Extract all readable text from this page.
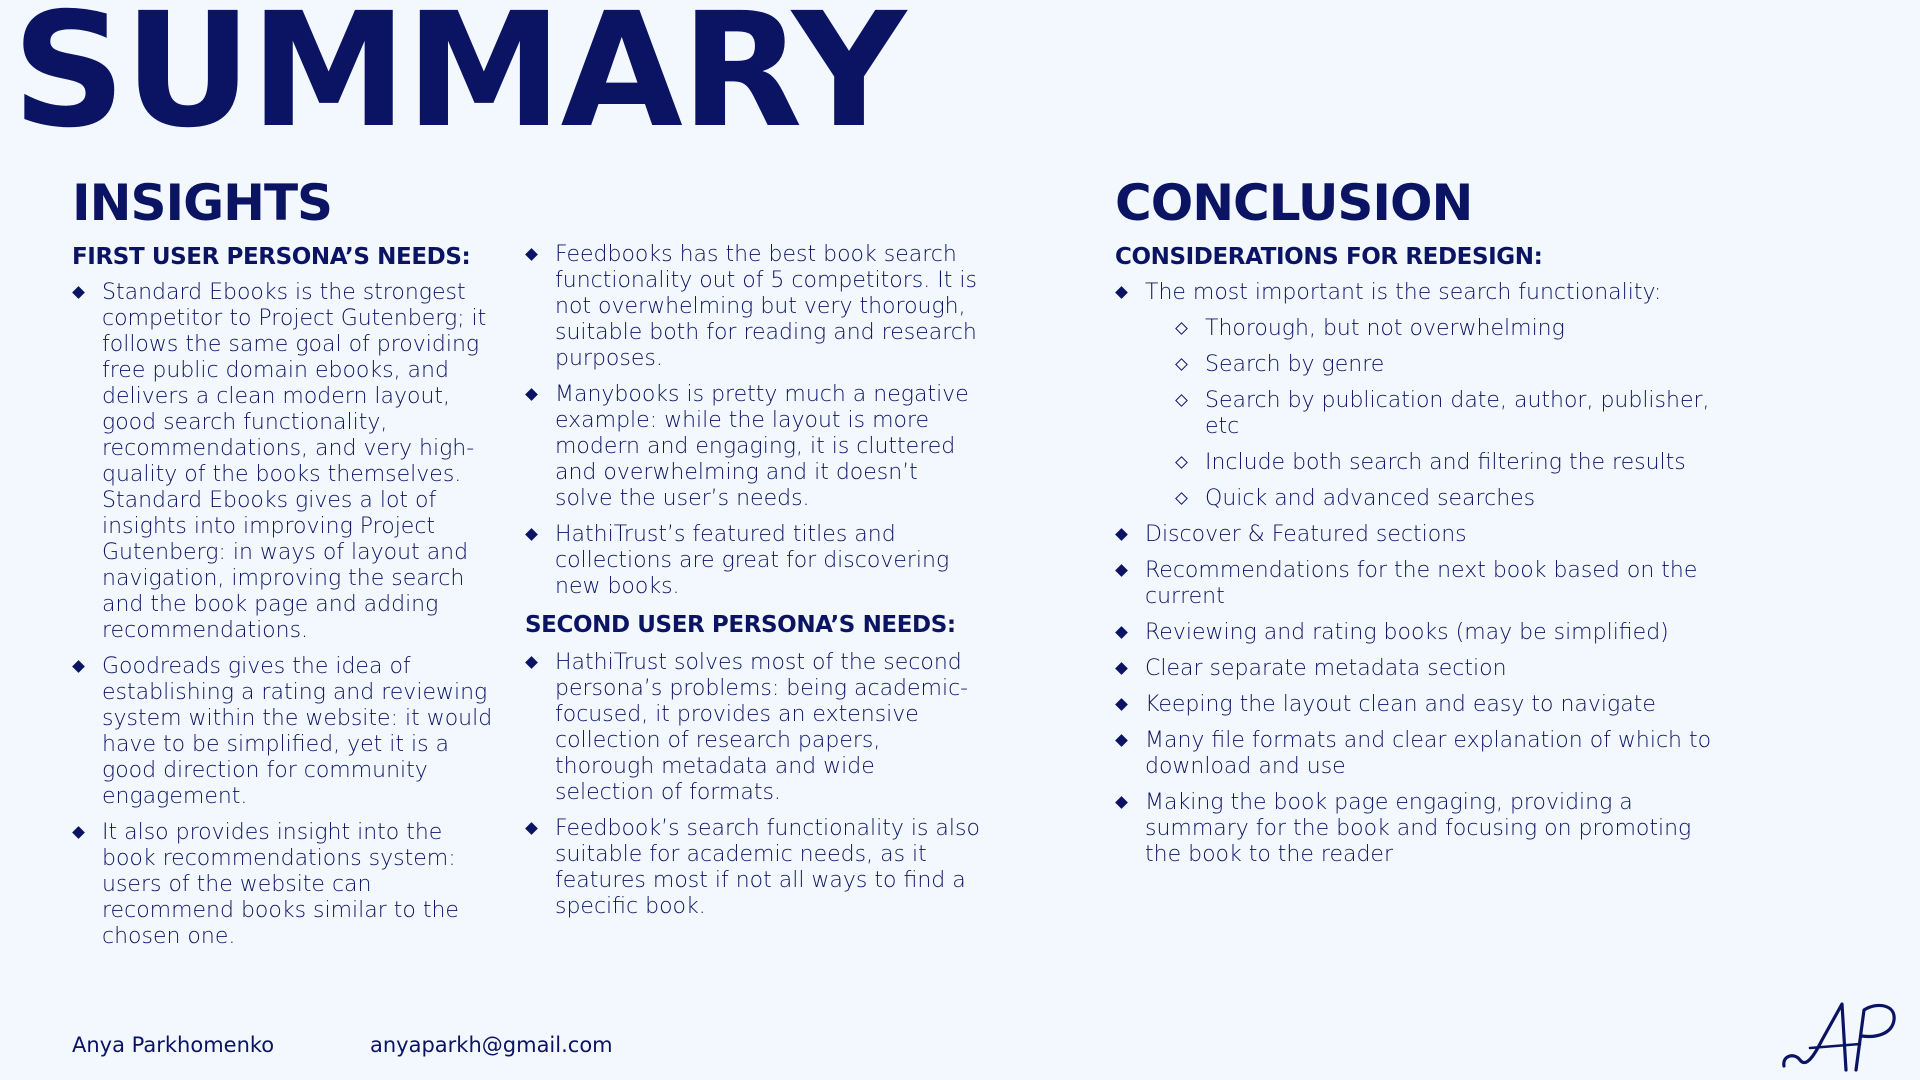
SUMMARY
INSIGHTS
FIRST USER PERSONA’S NEEDS:
Standard Ebooks is the strongest competitor to Project Gutenberg; it follows the same goal of providing free public domain ebooks, and delivers a clean modern layout, good search functionality, recommendations, and very high-quality of the books themselves. Standard Ebooks gives a lot of insights into improving Project Gutenberg: in ways of layout and navigation, improving the search and the book page and adding recommendations.
Goodreads gives the idea of establishing a rating and reviewing system within the website: it would have to be simplified, yet it is a good direction for community engagement.
It also provides insight into the book recommendations system: users of the website can recommend books similar to the chosen one.
Feedbooks has the best book search functionality out of 5 competitors. It is not overwhelming but very thorough, suitable both for reading and research purposes.
Manybooks is pretty much a negative example: while the layout is more modern and engaging, it is cluttered and overwhelming and it doesn’t solve the user’s needs.
HathiTrust’s featured titles and collections are great for discovering new books.
SECOND USER PERSONA’S NEEDS:
HathiTrust solves most of the second persona’s problems: being academic-focused, it provides an extensive collection of research papers, thorough metadata and wide selection of formats.
Feedbook’s search functionality is also suitable for academic needs, as it features most if not all ways to find a specific book.
CONCLUSION
CONSIDERATIONS FOR REDESIGN:
The most important is the search functionality:
Thorough, but not overwhelming
Search by genre
Search by publication date, author, publisher, etc
Include both search and filtering the results
Quick and advanced searches
Discover & Featured sections
Recommendations for the next book based on the current
Reviewing and rating books (may be simplified)
Clear separate metadata section
Keeping the layout clean and easy to navigate
Many file formats and clear explanation of which to download and use
Making the book page engaging, providing a summary for the book and focusing on promoting the book to the reader

Anya Parkhomenko	anyaparkh@gmail.com
